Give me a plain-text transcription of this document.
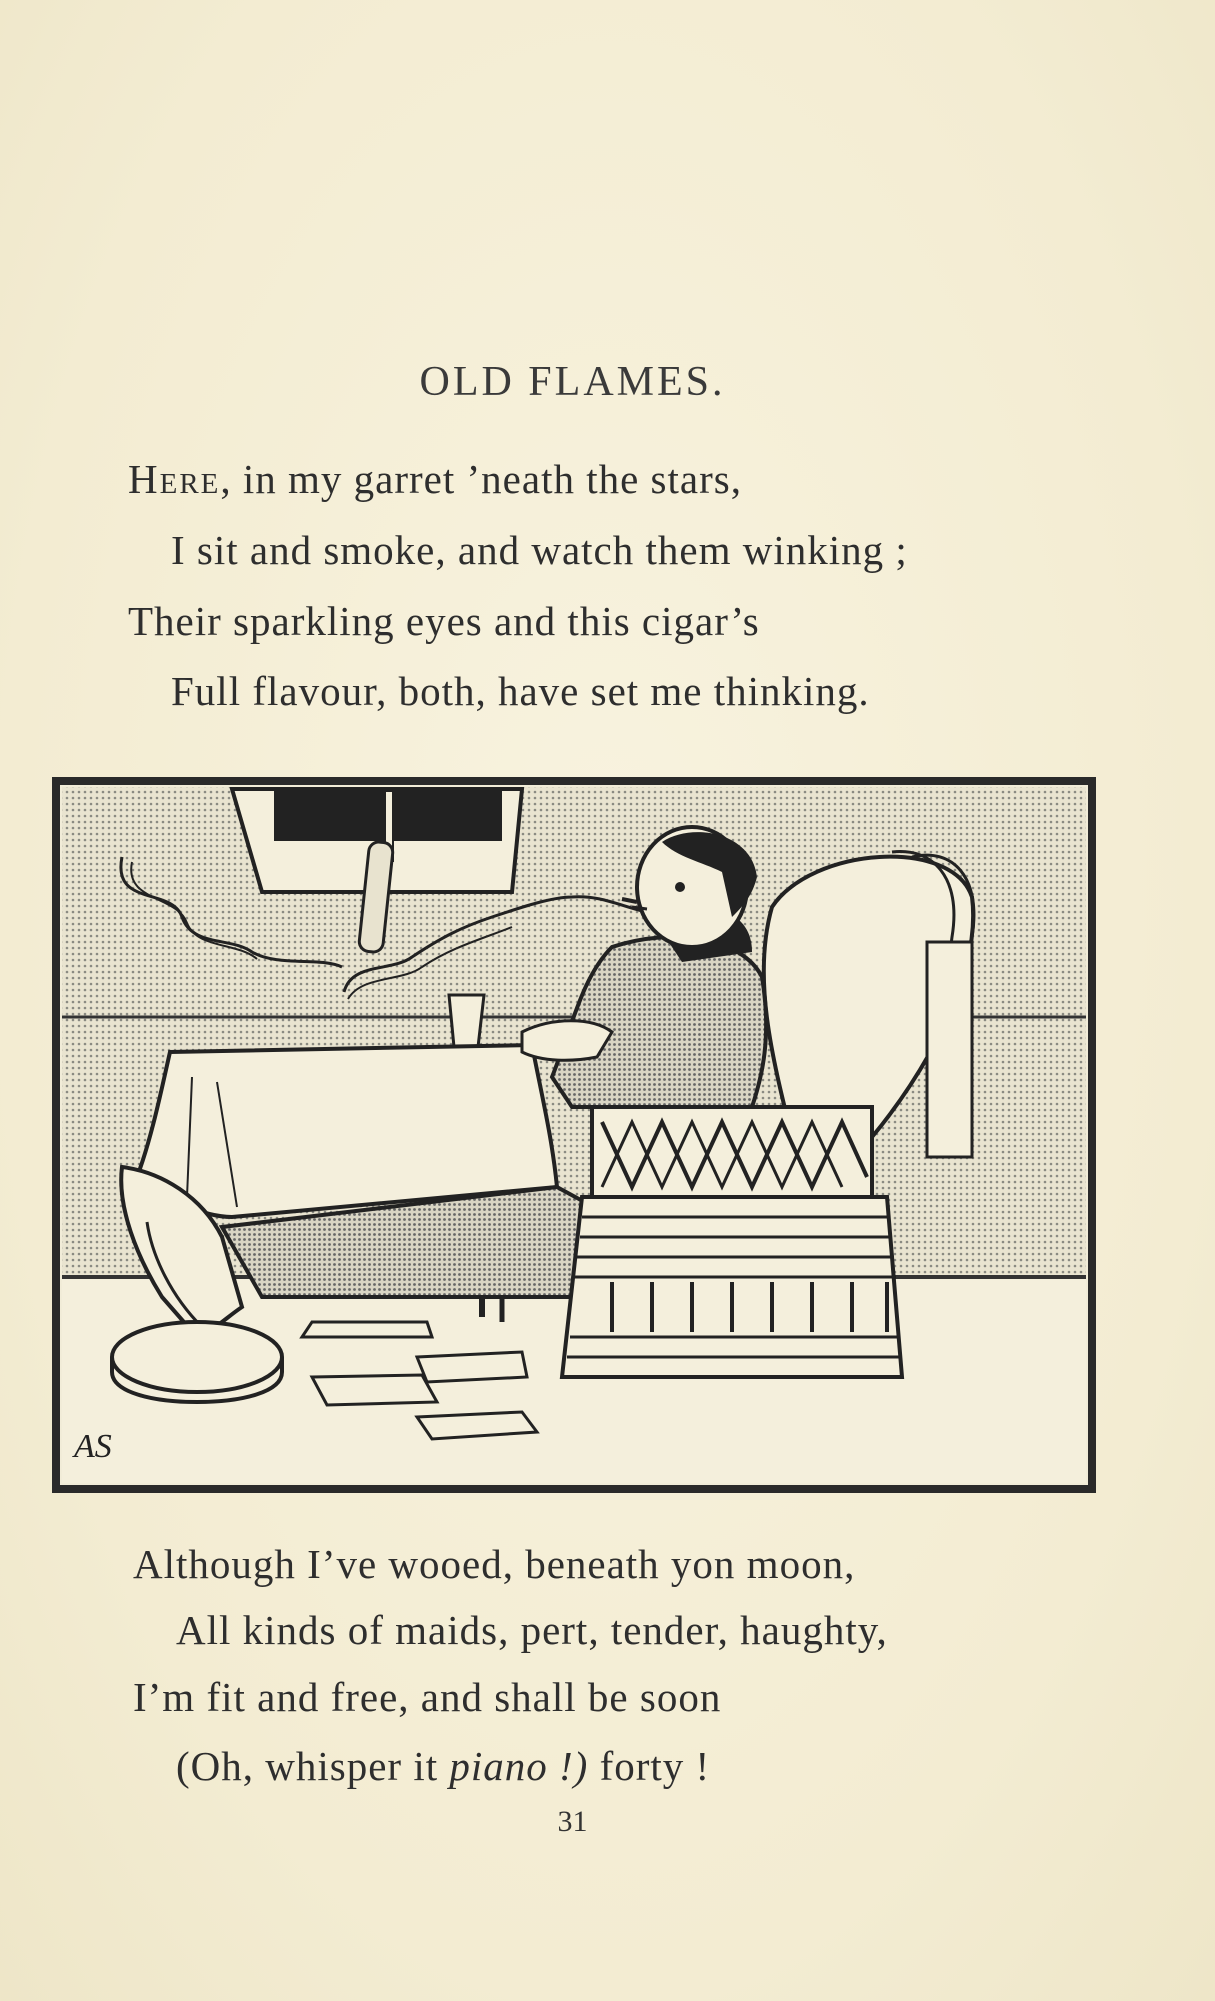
OLD FLAMES.
Here, in my garret ’neath the stars,
I sit and smoke, and watch them winking ;
Their sparkling eyes and this cigar’s
Full flavour, both, have set me thinking.
AS
Although I’ve wooed, beneath yon moon,
All kinds of maids, pert, tender, haughty,
I’m fit and free, and shall be soon
(Oh, whisper it piano !) forty !
31
